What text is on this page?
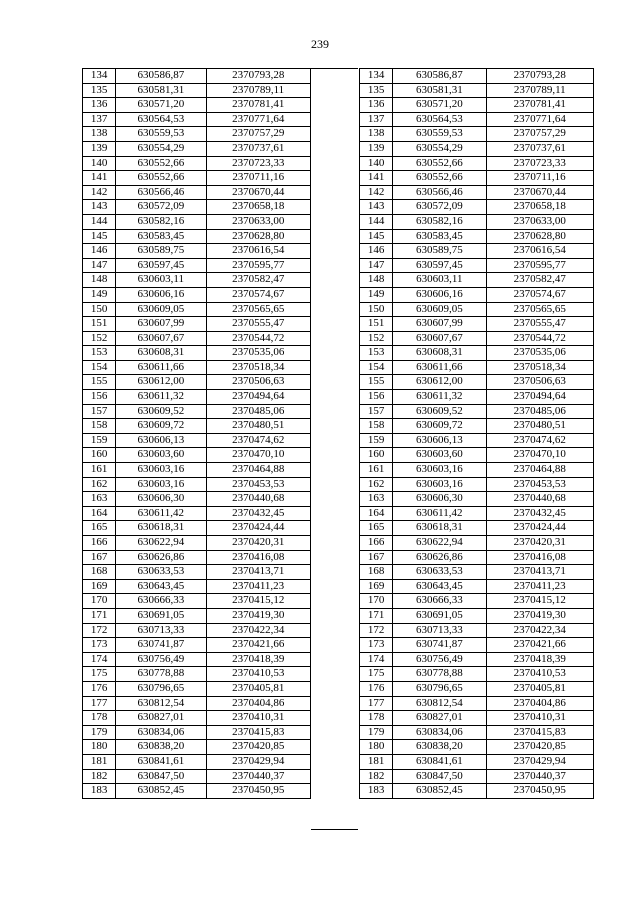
239
134	630586,87	2370793,28
135	630581,31	2370789,11
136	630571,20	2370781,41
137	630564,53	2370771,64
138	630559,53	2370757,29
139	630554,29	2370737,61
140	630552,66	2370723,33
141	630552,66	2370711,16
142	630566,46	2370670,44
143	630572,09	2370658,18
144	630582,16	2370633,00
145	630583,45	2370628,80
146	630589,75	2370616,54
147	630597,45	2370595,77
148	630603,11	2370582,47
149	630606,16	2370574,67
150	630609,05	2370565,65
151	630607,99	2370555,47
152	630607,67	2370544,72
153	630608,31	2370535,06
154	630611,66	2370518,34
155	630612,00	2370506,63
156	630611,32	2370494,64
157	630609,52	2370485,06
158	630609,72	2370480,51
159	630606,13	2370474,62
160	630603,60	2370470,10
161	630603,16	2370464,88
162	630603,16	2370453,53
163	630606,30	2370440,68
164	630611,42	2370432,45
165	630618,31	2370424,44
166	630622,94	2370420,31
167	630626,86	2370416,08
168	630633,53	2370413,71
169	630643,45	2370411,23
170	630666,33	2370415,12
171	630691,05	2370419,30
172	630713,33	2370422,34
173	630741,87	2370421,66
174	630756,49	2370418,39
175	630778,88	2370410,53
176	630796,65	2370405,81
177	630812,54	2370404,86
178	630827,01	2370410,31
179	630834,06	2370415,83
180	630838,20	2370420,85
181	630841,61	2370429,94
182	630847,50	2370440,37
183	630852,45	2370450,95
134	630586,87	2370793,28
135	630581,31	2370789,11
136	630571,20	2370781,41
137	630564,53	2370771,64
138	630559,53	2370757,29
139	630554,29	2370737,61
140	630552,66	2370723,33
141	630552,66	2370711,16
142	630566,46	2370670,44
143	630572,09	2370658,18
144	630582,16	2370633,00
145	630583,45	2370628,80
146	630589,75	2370616,54
147	630597,45	2370595,77
148	630603,11	2370582,47
149	630606,16	2370574,67
150	630609,05	2370565,65
151	630607,99	2370555,47
152	630607,67	2370544,72
153	630608,31	2370535,06
154	630611,66	2370518,34
155	630612,00	2370506,63
156	630611,32	2370494,64
157	630609,52	2370485,06
158	630609,72	2370480,51
159	630606,13	2370474,62
160	630603,60	2370470,10
161	630603,16	2370464,88
162	630603,16	2370453,53
163	630606,30	2370440,68
164	630611,42	2370432,45
165	630618,31	2370424,44
166	630622,94	2370420,31
167	630626,86	2370416,08
168	630633,53	2370413,71
169	630643,45	2370411,23
170	630666,33	2370415,12
171	630691,05	2370419,30
172	630713,33	2370422,34
173	630741,87	2370421,66
174	630756,49	2370418,39
175	630778,88	2370410,53
176	630796,65	2370405,81
177	630812,54	2370404,86
178	630827,01	2370410,31
179	630834,06	2370415,83
180	630838,20	2370420,85
181	630841,61	2370429,94
182	630847,50	2370440,37
183	630852,45	2370450,95
